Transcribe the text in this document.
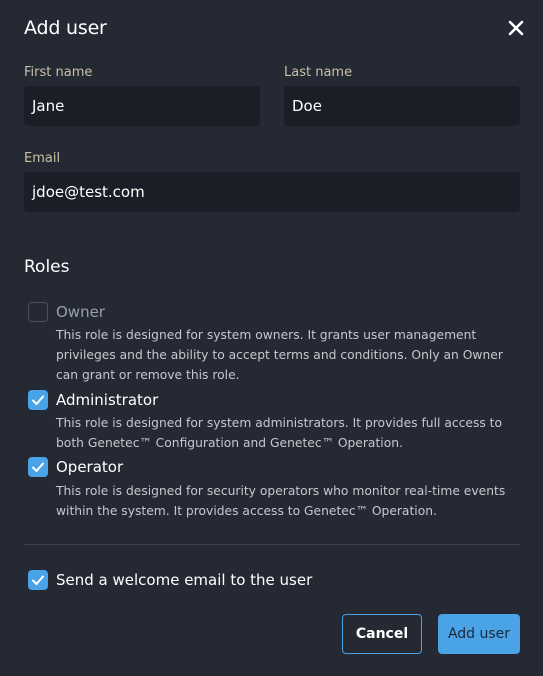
Add user
First name
Jane
Last name
Doe
Email
jdoe@test.com
Roles
Owner
This role is designed for system owners. It grants user management privileges and the ability to accept terms and conditions. Only an Owner can grant or remove this role.
Administrator
This role is designed for system administrators. It provides full access to both Genetec™ Configuration and Genetec™ Operation.
Operator
This role is designed for security operators who monitor real-time events within the system. It provides access to Genetec™ Operation.
Send a welcome email to the user
Cancel	Add user
